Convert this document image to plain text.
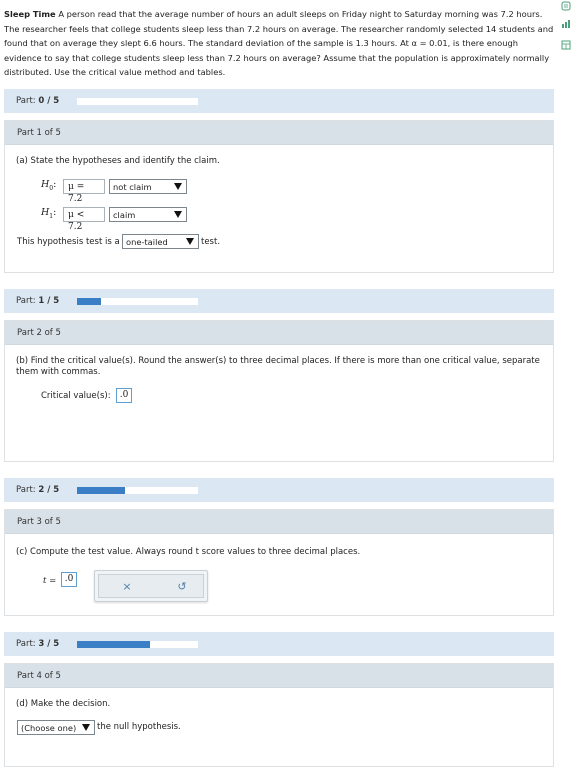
Sleep Time A person read that the average number of hours an adult sleeps on Friday night to Saturday morning was 7.2 hours. The researcher feels that college students sleep less than 7.2 hours on average. The researcher randomly selected 14 students and found that on average they slept 6.6 hours. The standard deviation of the sample is 1.3 hours. At α = 0.01, is there enough evidence to say that college students sleep less than 7.2 hours on average? Assume that the population is approximately normally distributed. Use the critical value method and tables.
Part: 0 / 5
Part 1 of 5
(a) State the hypotheses and identify the claim.
$H_0$:	μ = 7.2
not claim
$H_1$:	μ < 7.2
claim
This hypothesis test is a one-tailed	test.
Part: 1 / 5
Part 2 of 5
(b) Find the critical value(s). Round the answer(s) to three decimal places. If there is more than one critical value, separate them with commas.
Critical value(s):	.0
Part: 2 / 5
Part 3 of 5
(c) Compute the test value. Always round t score values to three decimal places.
t = .0
×	↺
Part: 3 / 5
Part 4 of 5
(d) Make the decision.
(Choose one)	the null hypothesis.
